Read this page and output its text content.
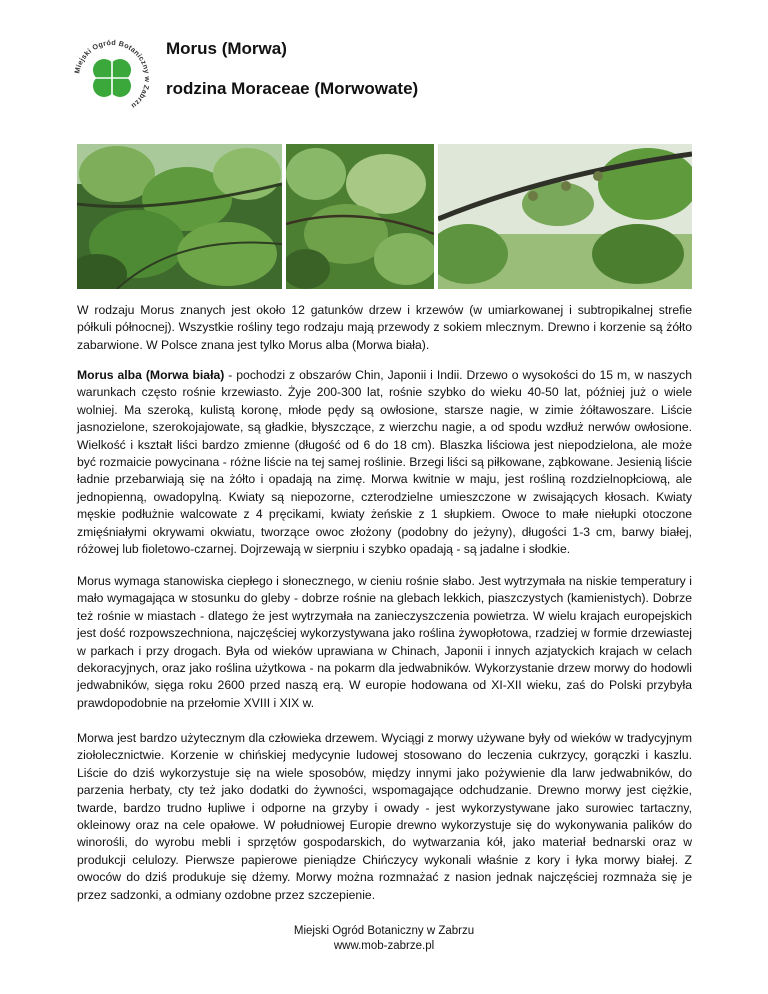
Miejski Ogród Botaniczny w Zabrzu
Morus (Morwa)
rodzina Moraceae (Morwowate)

W rodzaju Morus znanych jest około 12 gatunków drzew i krzewów (w umiarkowanej i subtropikalnej strefie półkuli północnej). Wszystkie rośliny tego rodzaju mają przewody z sokiem mlecznym. Drewno i korzenie są żółto zabarwione. W Polsce znana jest tylko Morus alba (Morwa biała).

Morus alba (Morwa biała) - pochodzi z obszarów Chin, Japonii i Indii. Drzewo o wysokości do 15 m, w naszych warunkach często rośnie krzewiasto. Żyje 200-300 lat, rośnie szybko do wieku 40-50 lat, później już o wiele wolniej. Ma szeroką, kulistą koronę, młode pędy są owłosione, starsze nagie, w zimie żółtawoszare. Liście jasnozielone, szerokojajowate, są gładkie, błyszczące, z wierzchu nagie, a od spodu wzdłuż nerwów owłosione. Wielkość i kształt liści bardzo zmienne (długość od 6 do 18 cm). Blaszka liściowa jest niepodzielona, ale może być rozmaicie powycinana - różne liście na tej samej roślinie. Brzegi liści są piłkowane, ząbkowane. Jesienią liście ładnie przebarwiają się na żółto i opadają na zimę. Morwa kwitnie w maju, jest rośliną rozdzielnopłciową, ale jednopienną, owadopylną. Kwiaty są niepozorne, czterodzielne umieszczone w zwisających kłosach. Kwiaty męskie podłużnie walcowate z 4 pręcikami, kwiaty żeńskie z 1 słupkiem. Owoce to małe niełupki otoczone zmięśniałymi okrywami okwiatu, tworzące owoc złożony (podobny do jeżyny), długości 1-3 cm, barwy białej, różowej lub fioletowo-czarnej. Dojrzewają w sierpniu i szybko opadają - są jadalne i słodkie.

Morus wymaga stanowiska ciepłego i słonecznego, w cieniu rośnie słabo. Jest wytrzymała na niskie temperatury i mało wymagająca w stosunku do gleby - dobrze rośnie na glebach lekkich, piaszczystych (kamienistych). Dobrze też rośnie w miastach - dlatego że jest wytrzymała na zanieczyszczenia powietrza. W wielu krajach europejskich jest dość rozpowszechniona, najczęściej wykorzystywana jako roślina żywopłotowa, rzadziej w formie drzewiastej w parkach i przy drogach. Była od wieków uprawiana w Chinach, Japonii i innych azjatyckich krajach w celach dekoracyjnych, oraz jako roślina użytkowa - na pokarm dla jedwabników. Wykorzystanie drzew morwy do hodowli jedwabników, sięga roku 2600 przed naszą erą. W europie hodowana od XI-XII wieku, zaś do Polski przybyła prawdopodobnie na przełomie XVIII i XIX w.

Morwa jest bardzo użytecznym dla człowieka drzewem. Wyciągi z morwy używane były od wieków w tradycyjnym ziołolecznictwie. Korzenie w chińskiej medycynie ludowej stosowano do leczenia cukrzycy, gorączki i kaszlu. Liście do dziś wykorzystuje się na wiele sposobów, między innymi jako pożywienie dla larw jedwabników, do parzenia herbaty, cty też jako dodatki do żywności, wspomagające odchudzanie. Drewno morwy jest ciężkie, twarde, bardzo trudno łupliwe i odporne na grzyby i owady - jest wykorzystywane jako surowiec tartaczny, okleinowy oraz na cele opałowe. W południowej Europie drewno wykorzystuje się do wykonywania palików do winorośli, do wyrobu mebli i sprzętów gospodarskich, do wytwarzania kół, jako materiał bednarski oraz w produkcji celulozy. Pierwsze papierowe pieniądze Chińczycy wykonali właśnie z kory i łyka morwy białej. Z owoców do dziś produkuje się dżemy. Morwy można rozmnażać z nasion jednak najczęściej rozmnaża się je przez sadzonki, a odmiany ozdobne przez szczepienie.

Miejski Ogród Botaniczny w Zabrzu
www.mob-zabrze.pl
